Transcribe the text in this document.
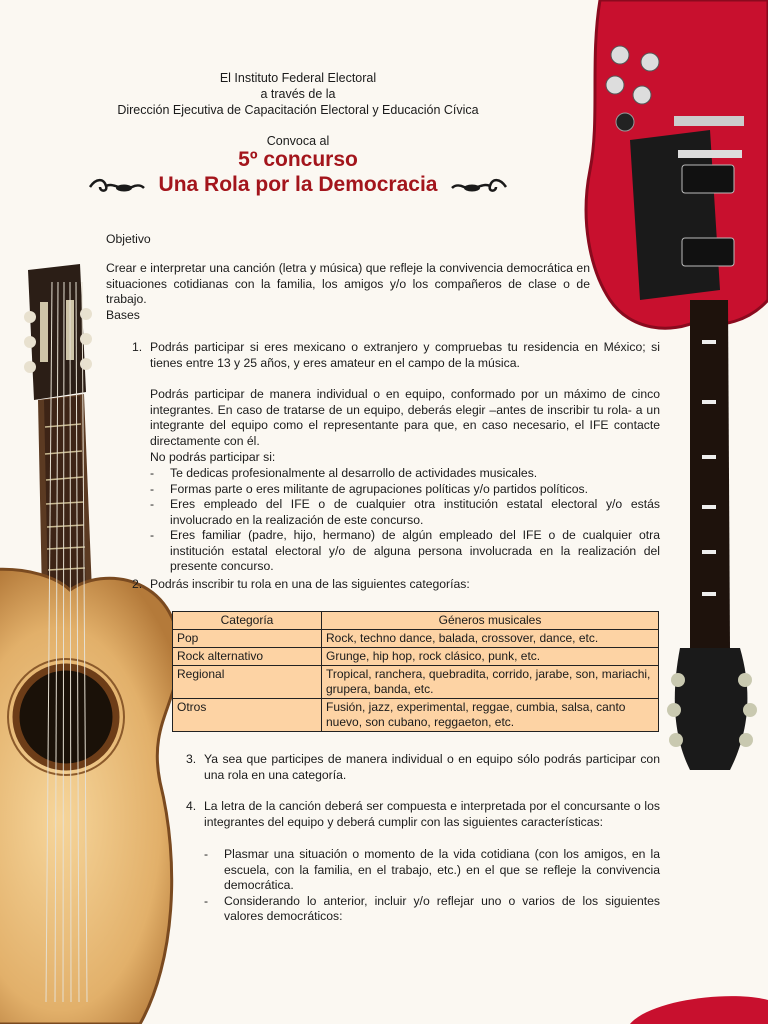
El Instituto Federal Electoral
a través de la
Dirección Ejecutiva de Capacitación Electoral y Educación Cívica
Convoca al
5º concurso
Una Rola por la Democracia
Objetivo
Crear e interpretar una canción (letra y música) que refleje la convivencia democrática en situaciones cotidianas con la familia, los amigos y/o los compañeros de clase o de trabajo.
Bases
1. Podrás participar si eres mexicano o extranjero y compruebas tu residencia en México; si tienes entre 13 y 25 años, y eres amateur en el campo de la música.
Podrás participar de manera individual o en equipo, conformado por un máximo de cinco integrantes. En caso de tratarse de un equipo, deberás elegir –antes de inscribir tu rola- a un integrante del equipo como el representante para que, en caso necesario, el IFE contacte directamente con él.
No podrás participar si:
-	Te dedicas profesionalmente al desarrollo de actividades musicales.
-	Formas parte o eres militante de agrupaciones políticas y/o partidos políticos.
-	Eres empleado del IFE o de cualquier otra institución estatal electoral y/o estás involucrado en la realización de este concurso.
-	Eres familiar (padre, hijo, hermano) de algún empleado del IFE o de cualquier otra institución estatal electoral y/o de alguna persona involucrada en la realización del presente concurso.
2. Podrás inscribir tu rola en una de las siguientes categorías:
Categoría	Géneros musicales
Pop	Rock, techno dance, balada, crossover, dance, etc.
Rock alternativo	Grunge, hip hop, rock clásico, punk, etc.
Regional	Tropical, ranchera, quebradita, corrido, jarabe, son, mariachi, grupera, banda, etc.
Otros	Fusión, jazz, experimental, reggae, cumbia, salsa, canto nuevo, son cubano, reggaeton, etc.
3. Ya sea que participes de manera individual o en equipo sólo podrás participar con una rola en una categoría.
4. La letra de la canción deberá ser compuesta e interpretada por el concursante o los integrantes del equipo y deberá cumplir con las siguientes características:
-	Plasmar una situación o momento de la vida cotidiana (con los amigos, en la escuela, con la familia, en el trabajo, etc.) en el que se refleje la convivencia democrática.
-	Considerando lo anterior, incluir y/o reflejar uno o varios de los siguientes valores democráticos:
